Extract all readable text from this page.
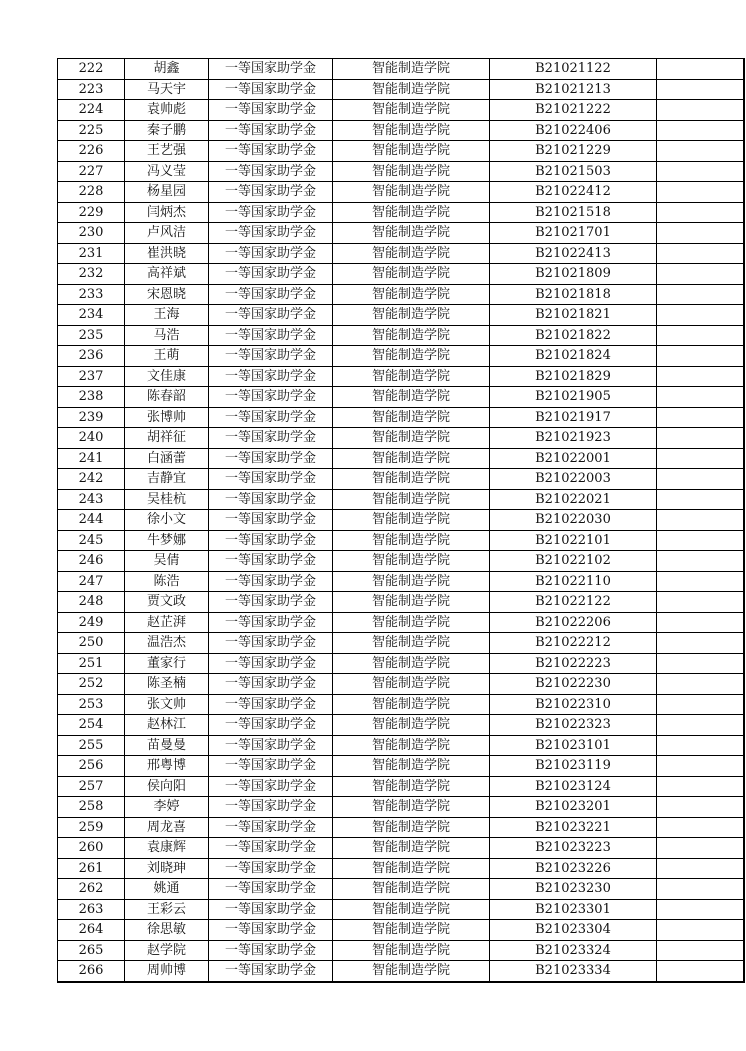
222	胡鑫	一等国家助学金	智能制造学院	B21021122	
223	马天宇	一等国家助学金	智能制造学院	B21021213	
224	袁帅彪	一等国家助学金	智能制造学院	B21021222	
225	秦子鹏	一等国家助学金	智能制造学院	B21022406	
226	王艺强	一等国家助学金	智能制造学院	B21021229	
227	冯义莹	一等国家助学金	智能制造学院	B21021503	
228	杨星园	一等国家助学金	智能制造学院	B21022412	
229	闫炳杰	一等国家助学金	智能制造学院	B21021518	
230	卢风洁	一等国家助学金	智能制造学院	B21021701	
231	崔洪晓	一等国家助学金	智能制造学院	B21022413	
232	高祥斌	一等国家助学金	智能制造学院	B21021809	
233	宋恩晓	一等国家助学金	智能制造学院	B21021818	
234	王海	一等国家助学金	智能制造学院	B21021821	
235	马浩	一等国家助学金	智能制造学院	B21021822	
236	王萌	一等国家助学金	智能制造学院	B21021824	
237	文佳康	一等国家助学金	智能制造学院	B21021829	
238	陈春韶	一等国家助学金	智能制造学院	B21021905	
239	张博帅	一等国家助学金	智能制造学院	B21021917	
240	胡祥征	一等国家助学金	智能制造学院	B21021923	
241	白涵蕾	一等国家助学金	智能制造学院	B21022001	
242	吉静宜	一等国家助学金	智能制造学院	B21022003	
243	吴桂杭	一等国家助学金	智能制造学院	B21022021	
244	徐小文	一等国家助学金	智能制造学院	B21022030	
245	牛梦娜	一等国家助学金	智能制造学院	B21022101	
246	吴倩	一等国家助学金	智能制造学院	B21022102	
247	陈浩	一等国家助学金	智能制造学院	B21022110	
248	贾文政	一等国家助学金	智能制造学院	B21022122	
249	赵芷湃	一等国家助学金	智能制造学院	B21022206	
250	温浩杰	一等国家助学金	智能制造学院	B21022212	
251	董家行	一等国家助学金	智能制造学院	B21022223	
252	陈圣楠	一等国家助学金	智能制造学院	B21022230	
253	张文帅	一等国家助学金	智能制造学院	B21022310	
254	赵林江	一等国家助学金	智能制造学院	B21022323	
255	苗曼曼	一等国家助学金	智能制造学院	B21023101	
256	邢粤博	一等国家助学金	智能制造学院	B21023119	
257	侯向阳	一等国家助学金	智能制造学院	B21023124	
258	李婷	一等国家助学金	智能制造学院	B21023201	
259	周龙喜	一等国家助学金	智能制造学院	B21023221	
260	袁康辉	一等国家助学金	智能制造学院	B21023223	
261	刘晓珅	一等国家助学金	智能制造学院	B21023226	
262	姚通	一等国家助学金	智能制造学院	B21023230	
263	王彩云	一等国家助学金	智能制造学院	B21023301	
264	徐思敏	一等国家助学金	智能制造学院	B21023304	
265	赵学院	一等国家助学金	智能制造学院	B21023324	
266	周帅博	一等国家助学金	智能制造学院	B21023334	
